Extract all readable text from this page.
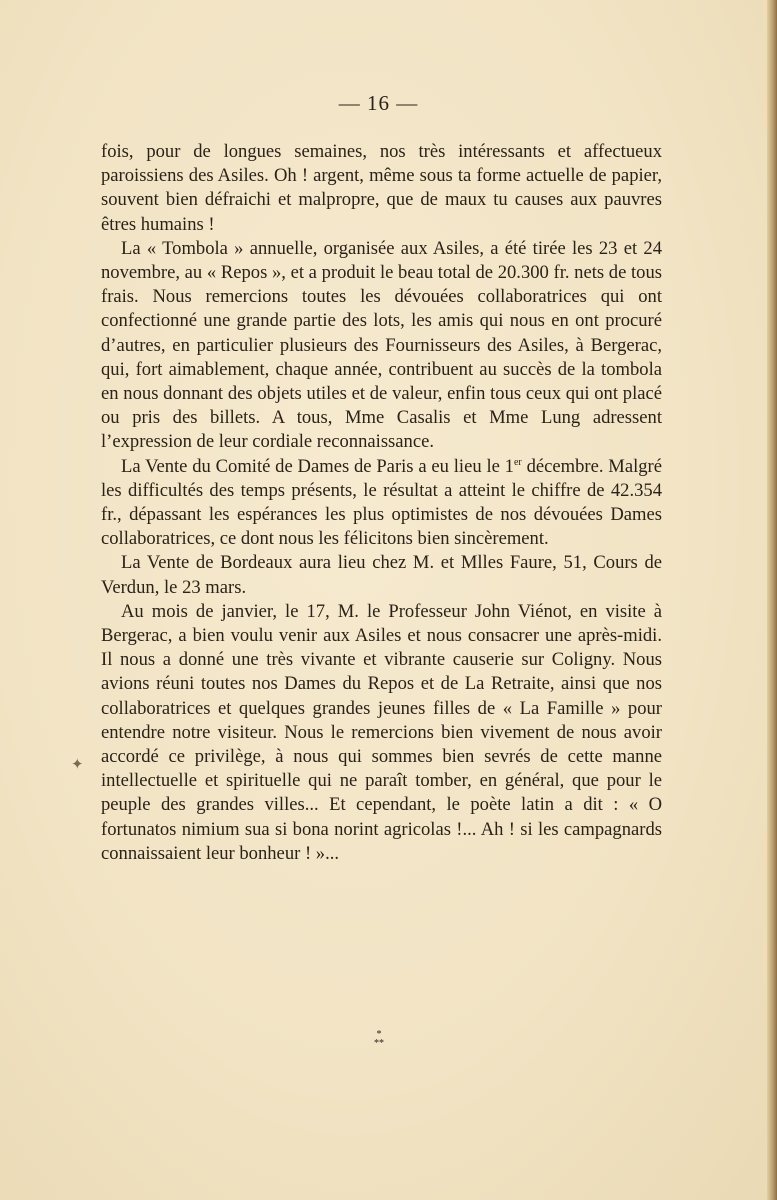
— 16 —
✦

fois, pour de longues semaines, nos très intéressants et affectueux paroissiens des Asiles. Oh ! argent, même sous ta forme actuelle de papier, souvent bien défraichi et malpropre, que de maux tu causes aux pauvres êtres humains !

La « Tombola » annuelle, organisée aux Asiles, a été tirée les 23 et 24 novembre, au « Repos », et a produit le beau total de 20.300 fr. nets de tous frais. Nous remercions toutes les dévouées collaboratrices qui ont confectionné une grande partie des lots, les amis qui nous en ont procuré d’autres, en particulier plusieurs des Fournisseurs des Asiles, à Bergerac, qui, fort aimablement, chaque année, contribuent au succès de la tombola en nous donnant des objets utiles et de valeur, enfin tous ceux qui ont placé ou pris des billets. A tous, Mme Casalis et Mme Lung adressent l’expression de leur cordiale reconnaissance.

La Vente du Comité de Dames de Paris a eu lieu le 1er décembre. Malgré les difficultés des temps présents, le résultat a atteint le chiffre de 42.354 fr., dépassant les espérances les plus optimistes de nos dévouées Dames collaboratrices, ce dont nous les félicitons bien sincèrement.

La Vente de Bordeaux aura lieu chez M. et Mlles Faure, 51, Cours de Verdun, le 23 mars.

Au mois de janvier, le 17, M. le Professeur John Viénot, en visite à Bergerac, a bien voulu venir aux Asiles et nous consacrer une après-midi. Il nous a donné une très vivante et vibrante causerie sur Coligny. Nous avions réuni toutes nos Dames du Repos et de La Retraite, ainsi que nos collaboratrices et quelques grandes jeunes filles de « La Famille » pour entendre notre visiteur. Nous le remercions bien vivement de nous avoir accordé ce privilège, à nous qui sommes bien sevrés de cette manne intellectuelle et spirituelle qui ne paraît tomber, en général, que pour le peuple des grandes villes... Et cependant, le poète latin a dit : « O fortunatos nimium sua si bona norint agricolas !... Ah ! si les campagnards connaissaient leur bonheur ! »...

*
**
